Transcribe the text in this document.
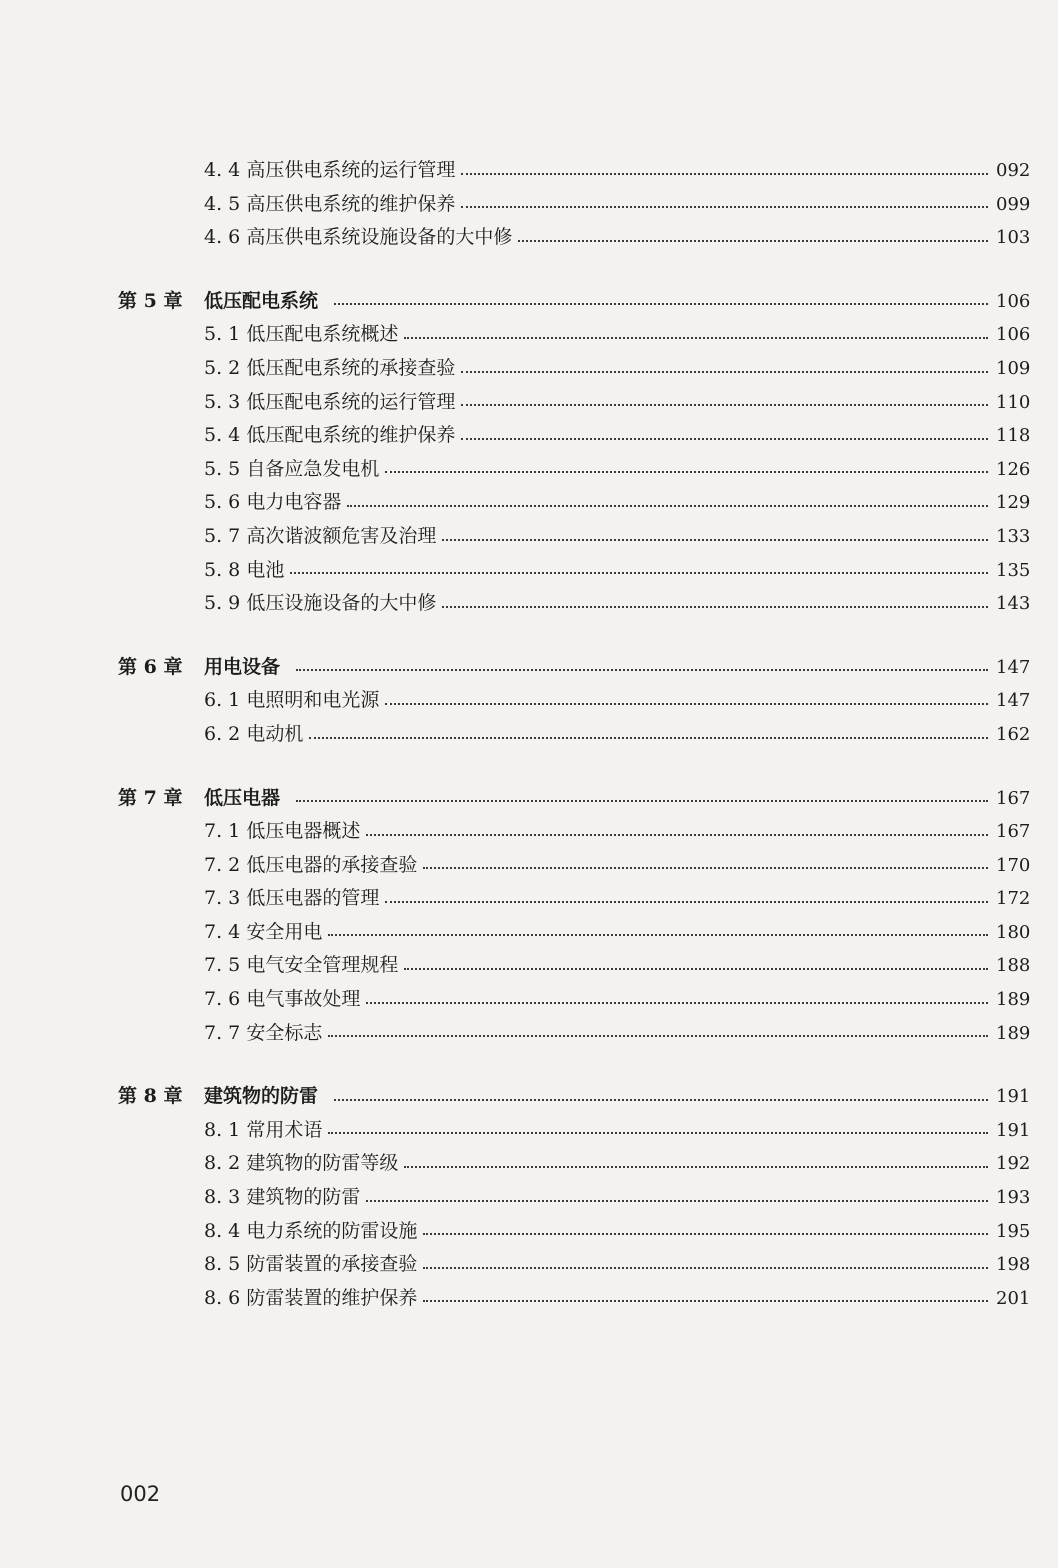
4. 4 高压供电系统的运行管理	092
4. 5 高压供电系统的维护保养	099
4. 6 高压供电系统设施设备的大中修	103
第 5 章	低压配电系统	106
5. 1 低压配电系统概述	106
5. 2 低压配电系统的承接查验	109
5. 3 低压配电系统的运行管理	110
5. 4 低压配电系统的维护保养	118
5. 5 自备应急发电机	126
5. 6 电力电容器	129
5. 7 高次谐波额危害及治理	133
5. 8 电池	135
5. 9 低压设施设备的大中修	143
第 6 章	用电设备	147
6. 1 电照明和电光源	147
6. 2 电动机	162
第 7 章	低压电器	167
7. 1 低压电器概述	167
7. 2 低压电器的承接查验	170
7. 3 低压电器的管理	172
7. 4 安全用电	180
7. 5 电气安全管理规程	188
7. 6 电气事故处理	189
7. 7 安全标志	189
第 8 章	建筑物的防雷	191
8. 1 常用术语	191
8. 2 建筑物的防雷等级	192
8. 3 建筑物的防雷	193
8. 4 电力系统的防雷设施	195
8. 5 防雷装置的承接查验	198
8. 6 防雷装置的维护保养	201
002
